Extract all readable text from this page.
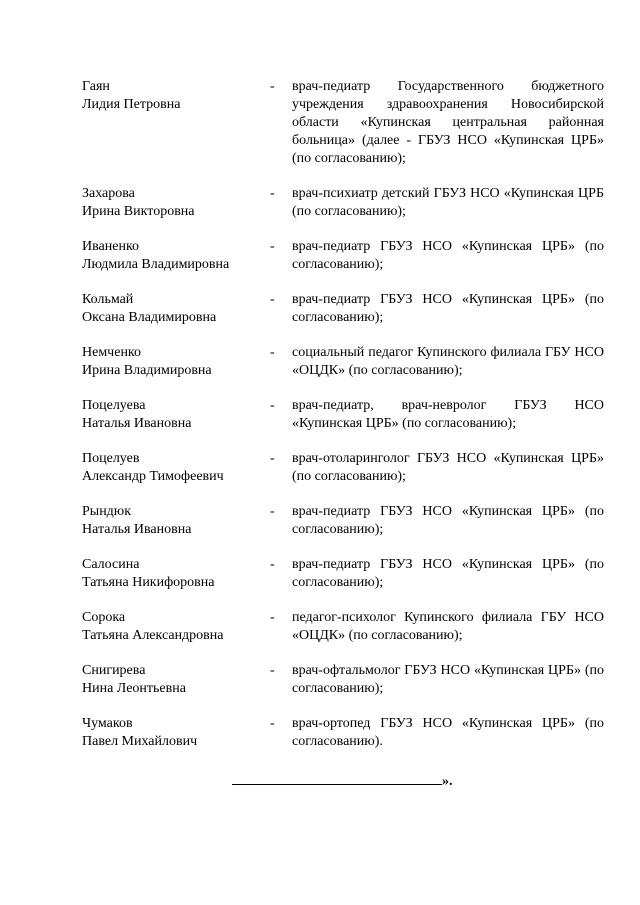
Гаян
Лидия Петровна
-	врач-педиатр Государственного бюджетного учреждения здравоохранения Новосибирской области «Купинская центральная районная больница» (далее - ГБУЗ НСО «Купинская ЦРБ» (по согласованию);
Захарова
Ирина Викторовна
-	врач-психиатр детский ГБУЗ НСО «Купинская ЦРБ (по согласованию);
Иваненко
Людмила Владимировна
-	врач-педиатр ГБУЗ НСО «Купинская ЦРБ» (по согласованию);
Кольмай
Оксана Владимировна
-	врач-педиатр ГБУЗ НСО «Купинская ЦРБ» (по согласованию);
Немченко
Ирина Владимировна
-	социальный педагог Купинского филиала ГБУ НСО «ОЦДК» (по согласованию);
Поцелуева
Наталья Ивановна
-	врач-педиатр, врач-невролог ГБУЗ НСО «Купинская ЦРБ» (по согласованию);
Поцелуев
Александр Тимофеевич
-	врач-отоларинголог ГБУЗ НСО «Купинская ЦРБ» (по согласованию);
Рындюк
Наталья Ивановна
-	врач-педиатр ГБУЗ НСО «Купинская ЦРБ» (по согласованию);
Салосина
Татьяна Никифоровна
-	врач-педиатр ГБУЗ НСО «Купинская ЦРБ» (по согласованию);
Сорока
Татьяна Александровна
-	педагог-психолог Купинского филиала ГБУ НСО «ОЦДК» (по согласованию);
Снигирева
Нина Леонтьевна
-	врач-офтальмолог ГБУЗ НСО «Купинская ЦРБ» (по согласованию);
Чумаков
Павел Михайлович
-	врач-ортопед ГБУЗ НСО «Купинская ЦРБ» (по согласованию).
».
